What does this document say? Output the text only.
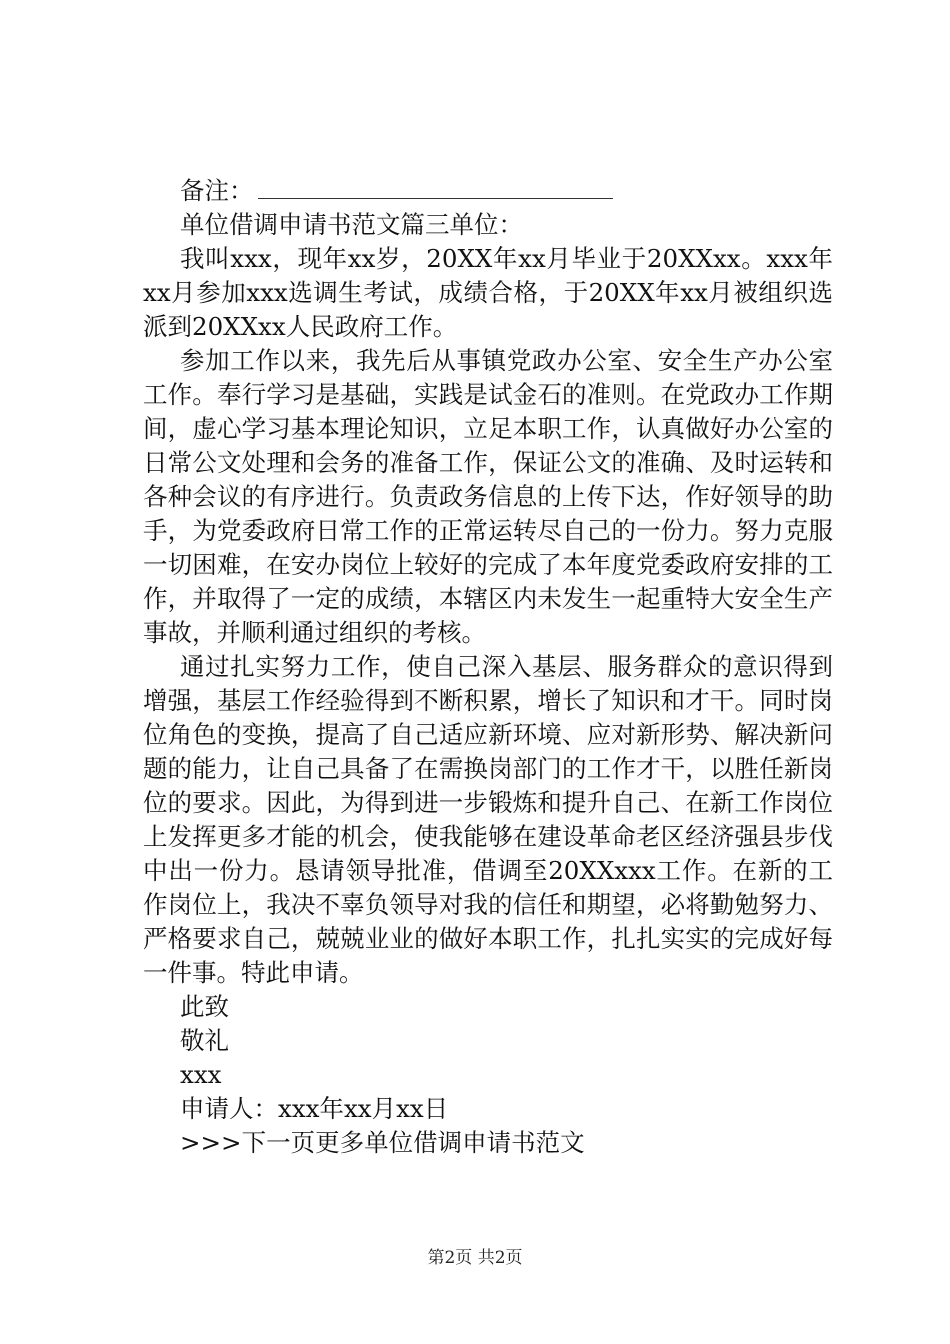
备注：
单位借调申请书范文篇三单位：
我叫xxx，现年xx岁，20XX年xx月毕业于20XXxx。xxx年xx月参加xxx选调生考试，成绩合格，于20XX年xx月被组织选派到20XXxx人民政府工作。
参加工作以来，我先后从事镇党政办公室、安全生产办公室工作。奉行学习是基础，实践是试金石的准则。在党政办工作期间，虚心学习基本理论知识，立足本职工作，认真做好办公室的日常公文处理和会务的准备工作，保证公文的准确、及时运转和各种会议的有序进行。负责政务信息的上传下达，作好领导的助手，为党委政府日常工作的正常运转尽自己的一份力。努力克服一切困难，在安办岗位上较好的完成了本年度党委政府安排的工作，并取得了一定的成绩，本辖区内未发生一起重特大安全生产事故，并顺利通过组织的考核。
通过扎实努力工作，使自己深入基层、服务群众的意识得到增强，基层工作经验得到不断积累，增长了知识和才干。同时岗位角色的变换，提高了自己适应新环境、应对新形势、解决新问题的能力，让自己具备了在需换岗部门的工作才干，以胜任新岗位的要求。因此，为得到进一步锻炼和提升自己、在新工作岗位上发挥更多才能的机会，使我能够在建设革命老区经济强县步伐中出一份力。恳请领导批准，借调至20XXxxx工作。在新的工作岗位上，我决不辜负领导对我的信任和期望，必将勤勉努力、严格要求自己，兢兢业业的做好本职工作，扎扎实实的完成好每一件事。特此申请。
此致
敬礼
xxx
申请人：xxx年xx月xx日
>>>下一页更多单位借调申请书范文
第2页 共2页
